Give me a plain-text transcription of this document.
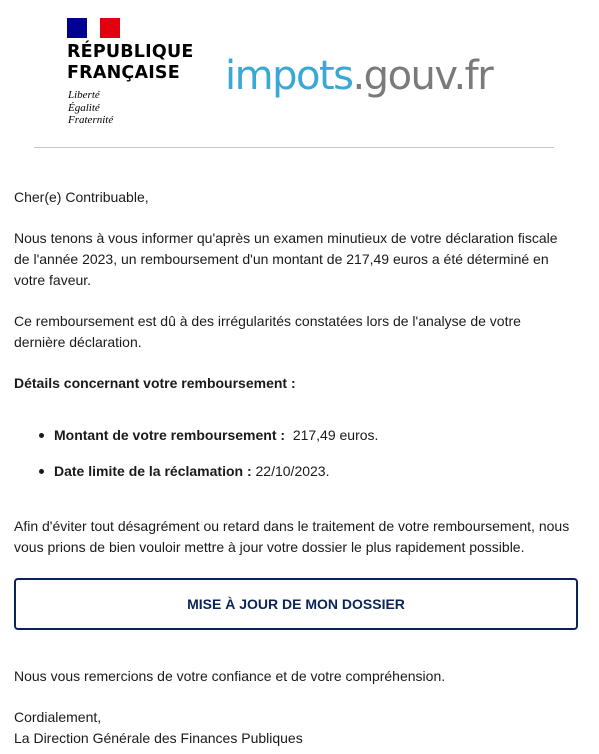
RÉPUBLIQUE
FRANÇAISE

Liberté
Égalité
Fraternité

impots.gouv.fr

Cher(e) Contribuable,

Nous tenons à vous informer qu'après un examen minutieux de votre déclaration fiscale de l'année 2023, un remboursement d'un montant de 217,49 euros a été déterminé en votre faveur.

Ce remboursement est dû à des irrégularités constatées lors de l'analyse de votre dernière déclaration.

Détails concernant votre remboursement :

Montant de votre remboursement : 217,49 euros.
Date limite de la réclamation : 22/10/2023.

Afin d'éviter tout désagrément ou retard dans le traitement de votre remboursement, nous vous prions de bien vouloir mettre à jour votre dossier le plus rapidement possible.

MISE À JOUR DE MON DOSSIER

Nous vous remercions de votre confiance et de votre compréhension.

Cordialement,

La Direction Générale des Finances Publiques
